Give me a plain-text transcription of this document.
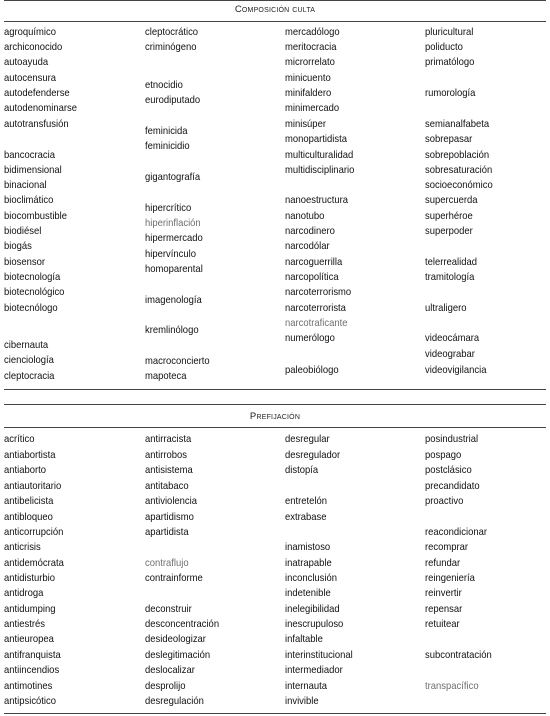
Composición culta
agroquímico
archiconocido
autoayuda
autocensura
autodefenderse
autodenominarse
autotransfusión
bancocracia
bidimensional
binacional
bioclimático
biocombustible
biodiésel
biogás
biosensor
biotecnología
biotecnológico
biotecnólogo
cibernauta
cienciología
cleptocracia
cleptocrático
criminógeno
etnocidio
eurodiputado
feminicida
feminicidio
gigantografía
hipercrítico
hiperinflación
hipermercado
hipervínculo
homoparental
imagenología
kremlinólogo
macroconcierto
mapoteca
mercadólogo
meritocracia
microrrelato
minicuento
minifaldero
minimercado
minisúper
monopartidista
multiculturalidad
multidisciplinario
nanoestructura
nanotubo
narcodinero
narcodólar
narcoguerrilla
narcopolítica
narcoterrorismo
narcoterrorista
narcotraficante
numerólogo
paleobiólogo
pluricultural
poliducto
primatólogo
rumorología
semianalfabeta
sobrepasar
sobrepoblación
sobresaturación
socioeconómico
supercuerda
superhéroe
superpoder
telerrealidad
tramitología
ultraligero
videocámara
videograbar
videovigilancia
Prefijación
acrítico
antiabortista
antiaborto
antiautoritario
antibelicista
antibloqueo
anticorrupción
anticrisis
antidemócrata
antidisturbio
antidroga
antidumping
antiestrés
antieuropea
antifranquista
antiincendios
antimotines
antipsicótico
antirracista
antirrobos
antisistema
antitabaco
antiviolencia
apartidismo
apartidista
contraflujo
contrainforme
deconstruir
desconcentración
desideologizar
deslegitimación
deslocalizar
desprolijo
desregulación
desregular
desregulador
distopía
entretelón
extrabase
inamistoso
inatrapable
inconclusión
indetenible
inelegibilidad
inescrupuloso
infaltable
interinstitucional
intermediador
internauta
invivible
posindustrial
pospago
postclásico
precandidato
proactivo
reacondicionar
recomprar
refundar
reingeniería
reinvertir
repensar
retuitear
subcontratación
transpacífico
